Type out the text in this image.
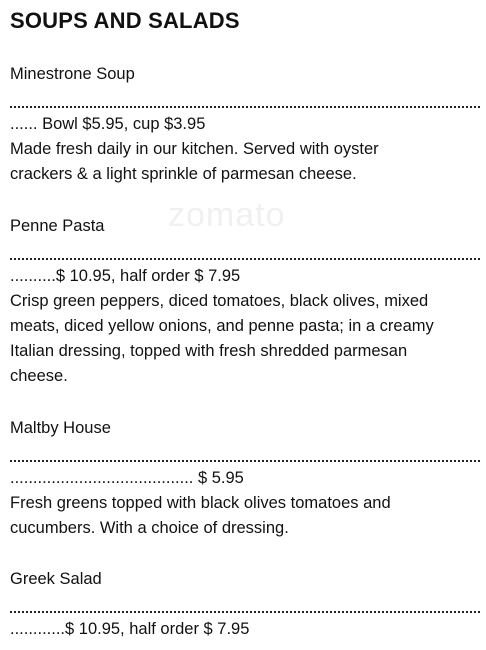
SOUPS AND SALADS
zomato
Minestrone Soup
...... Bowl $5.95, cup $3.95
Made fresh daily in our kitchen. Served with oyster
crackers & a light sprinkle of parmesan cheese.
Penne Pasta
..........$ 10.95, half order $ 7.95
Crisp green peppers, diced tomatoes, black olives, mixed
meats, diced yellow onions, and penne pasta; in a creamy
Italian dressing, topped with fresh shredded parmesan
cheese.
Maltby House
........................................ $ 5.95
Fresh greens topped with black olives tomatoes and
cucumbers. With a choice of dressing.
Greek Salad
............$ 10.95, half order $ 7.95
